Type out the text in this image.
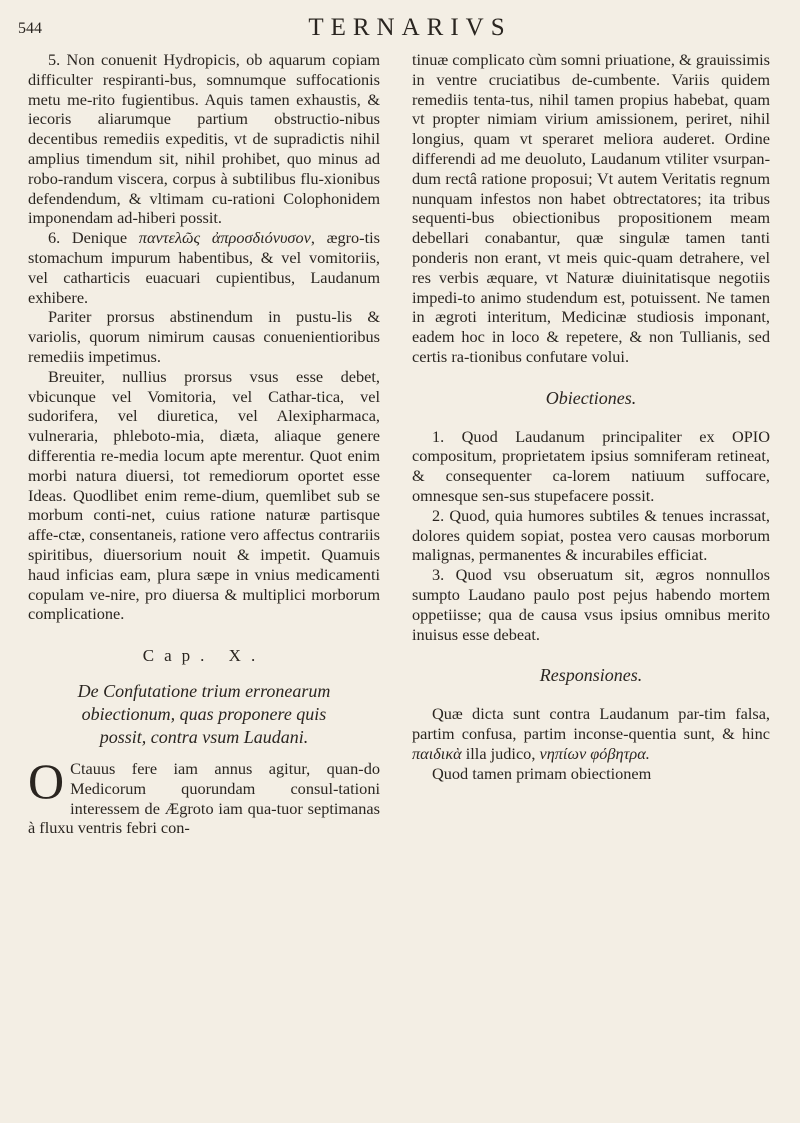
544	TERNARIVS

5. Non conuenit Hydropicis, ob aquarum copiam difficulter respiranti-bus, somnumque suffocationis metu me-rito fugientibus. Aquis tamen exhaustis, & iecoris aliarumque partium obstructio-nibus decentibus remediis expeditis, vt de supradictis nihil amplius timendum sit, nihil prohibet, quo minus ad robo-randum viscera, corpus à subtilibus flu-xionibus defendendum, & vltimam cu-rationi Colophonidem imponendam ad-hiberi possit.

6. Denique παντελῶς ἀπροσδιόνυσον, ægro-tis stomachum impurum habentibus, & vel vomitoriis, vel catharticis euacuari cupientibus, Laudanum exhibere.

Pariter prorsus abstinendum in pustu-lis & variolis, quorum nimirum causas conuenientioribus remediis impetimus.

Breuiter, nullius prorsus vsus esse debet, vbicunque vel Vomitoria, vel Cathar-tica, vel sudorifera, vel diuretica, vel Alexipharmaca, vulneraria, phleboto-mia, diæta, aliaque genere differentia re-media locum apte merentur. Quot enim morbi natura diuersi, tot remediorum oportet esse Ideas. Quodlibet enim reme-dium, quemlibet sub se morbum conti-net, cuius ratione naturæ partisque affe-ctæ, consentaneis, ratione vero affectus contrariis spiritibus, diuersorium nouit & impetit. Quamuis haud inficias eam, plura sæpe in vnius medicamenti copulam ve-nire, pro diuersa & multiplici morborum complicatione.

Cap. X.
De Confutatione trium erronearum
obiectionum, quas proponere quis
possit, contra vsum Laudani.
O Ctauus fere iam annus agitur, quan-do Medicorum quorundam consul-tationi interessem de Ægroto iam qua-tuor septimanas à fluxu ventris febri con-

tinuæ complicato cùm somni priuatione, & grauissimis in ventre cruciatibus de-cumbente. Variis quidem remediis tenta-tus, nihil tamen propius habebat, quam vt propter nimiam virium amissionem, periret, nihil longius, quam vt speraret meliora auderet. Ordine differendi ad me deuoluto, Laudanum vtiliter vsurpan-dum rectâ ratione proposui; Vt autem Veritatis regnum nunquam infestos non habet obtrectatores; ita tribus sequenti-bus obiectionibus propositionem meam debellari conabantur, quæ singulæ tamen tanti ponderis non erant, vt meis quic-quam detrahere, vel res verbis æquare, vt Naturæ diuinitatisque negotiis impedi-to animo studendum est, potuissent. Ne tamen in ægroti interitum, Medicinæ studiosis imponant, eadem hoc in loco & repetere, & non Tullianis, sed certis ra-tionibus confutare volui.

Obiectiones.

1. Quod Laudanum principaliter ex OPIO compositum, proprietatem ipsius somniferam retineat, & consequenter ca-lorem natiuum suffocare, omnesque sen-sus stupefacere possit.

2. Quod, quia humores subtiles & tenues incrassat, dolores quidem sopiat, postea vero causas morborum malignas, permanentes & incurabiles efficiat.

3. Quod vsu obseruatum sit, ægros nonnullos sumpto Laudano paulo post pejus habendo mortem oppetiisse; qua de causa vsus ipsius omnibus merito inuisus esse debeat.

Responsiones.

Quæ dicta sunt contra Laudanum par-tim falsa, partim confusa, partim inconse-quentia sunt, & hinc παιδικὰ illa judico, νηπίων φόβητρα.

Quod tamen primam obiectionem
